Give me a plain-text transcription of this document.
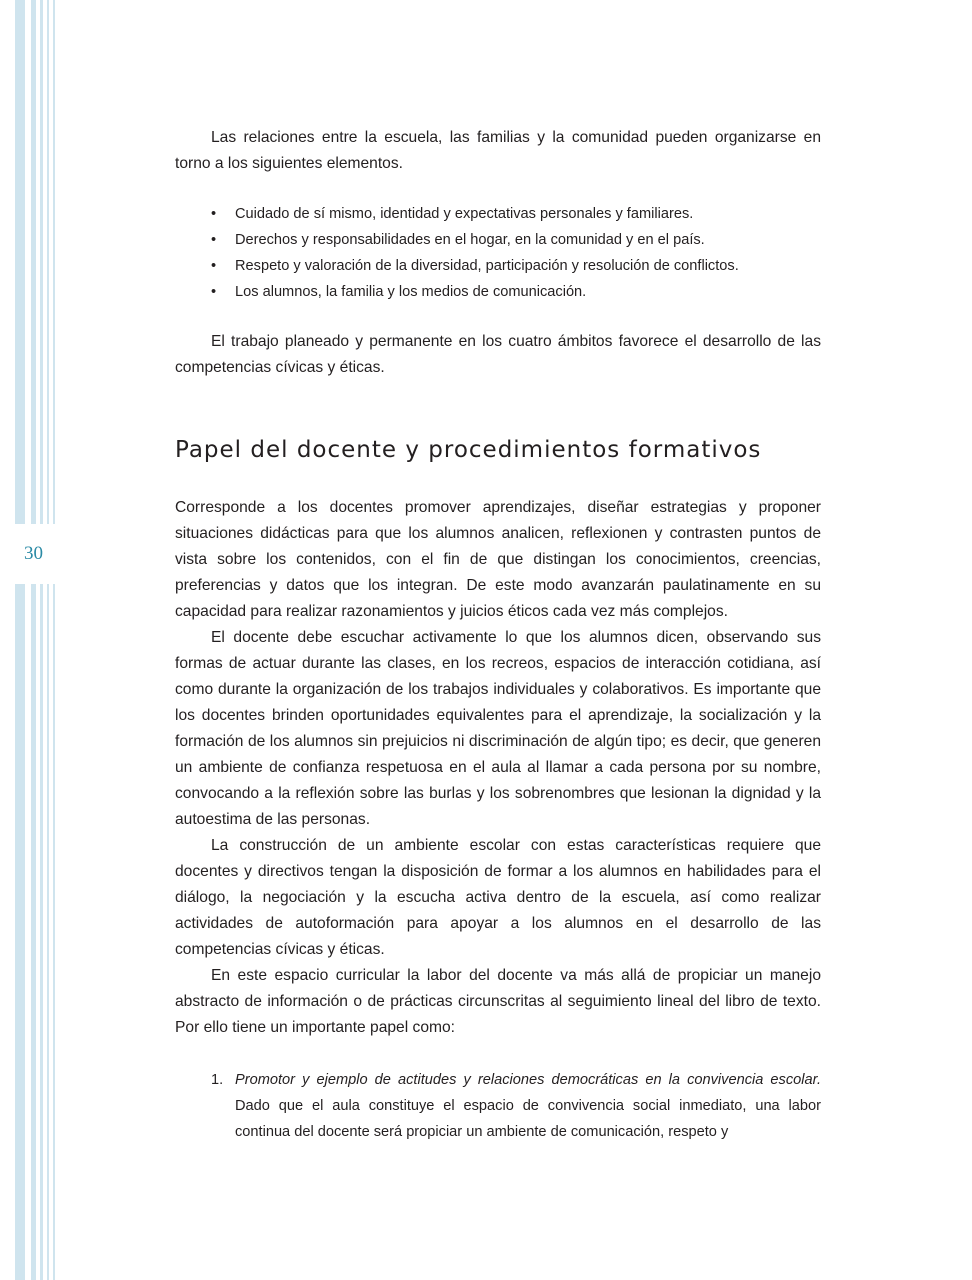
30

Las relaciones entre la escuela, las familias y la comunidad pueden organizarse en torno a los siguientes elementos.

• Cuidado de sí mismo, identidad y expectativas personales y familiares.
• Derechos y responsabilidades en el hogar, en la comunidad y en el país.
• Respeto y valoración de la diversidad, participación y resolución de conflictos.
• Los alumnos, la familia y los medios de comunicación.

El trabajo planeado y permanente en los cuatro ámbitos favorece el desarrollo de las competencias cívicas y éticas.

Papel del docente y procedimientos formativos

Corresponde a los docentes promover aprendizajes, diseñar estrategias y proponer situaciones didácticas para que los alumnos analicen, reflexionen y contrasten puntos de vista sobre los contenidos, con el fin de que distingan los conocimientos, creencias, preferencias y datos que los integran. De este modo avanzarán paulatinamente en su capacidad para realizar razonamientos y juicios éticos cada vez más complejos.

El docente debe escuchar activamente lo que los alumnos dicen, observando sus formas de actuar durante las clases, en los recreos, espacios de interacción cotidiana, así como durante la organización de los trabajos individuales y colaborativos. Es importante que los docentes brinden oportunidades equivalentes para el aprendizaje, la socialización y la formación de los alumnos sin prejuicios ni discriminación de algún tipo; es decir, que generen un ambiente de confianza respetuosa en el aula al llamar a cada persona por su nombre, convocando a la reflexión sobre las burlas y los sobrenombres que lesionan la dignidad y la autoestima de las personas.

La construcción de un ambiente escolar con estas características requiere que docentes y directivos tengan la disposición de formar a los alumnos en habilidades para el diálogo, la negociación y la escucha activa dentro de la escuela, así como realizar actividades de autoformación para apoyar a los alumnos en el desarrollo de las competencias cívicas y éticas.

En este espacio curricular la labor del docente va más allá de propiciar un manejo abstracto de información o de prácticas circunscritas al seguimiento lineal del libro de texto. Por ello tiene un importante papel como:

1. Promotor y ejemplo de actitudes y relaciones democráticas en la convivencia escolar. Dado que el aula constituye el espacio de convivencia social inmediato, una labor continua del docente será propiciar un ambiente de comunicación, respeto y
